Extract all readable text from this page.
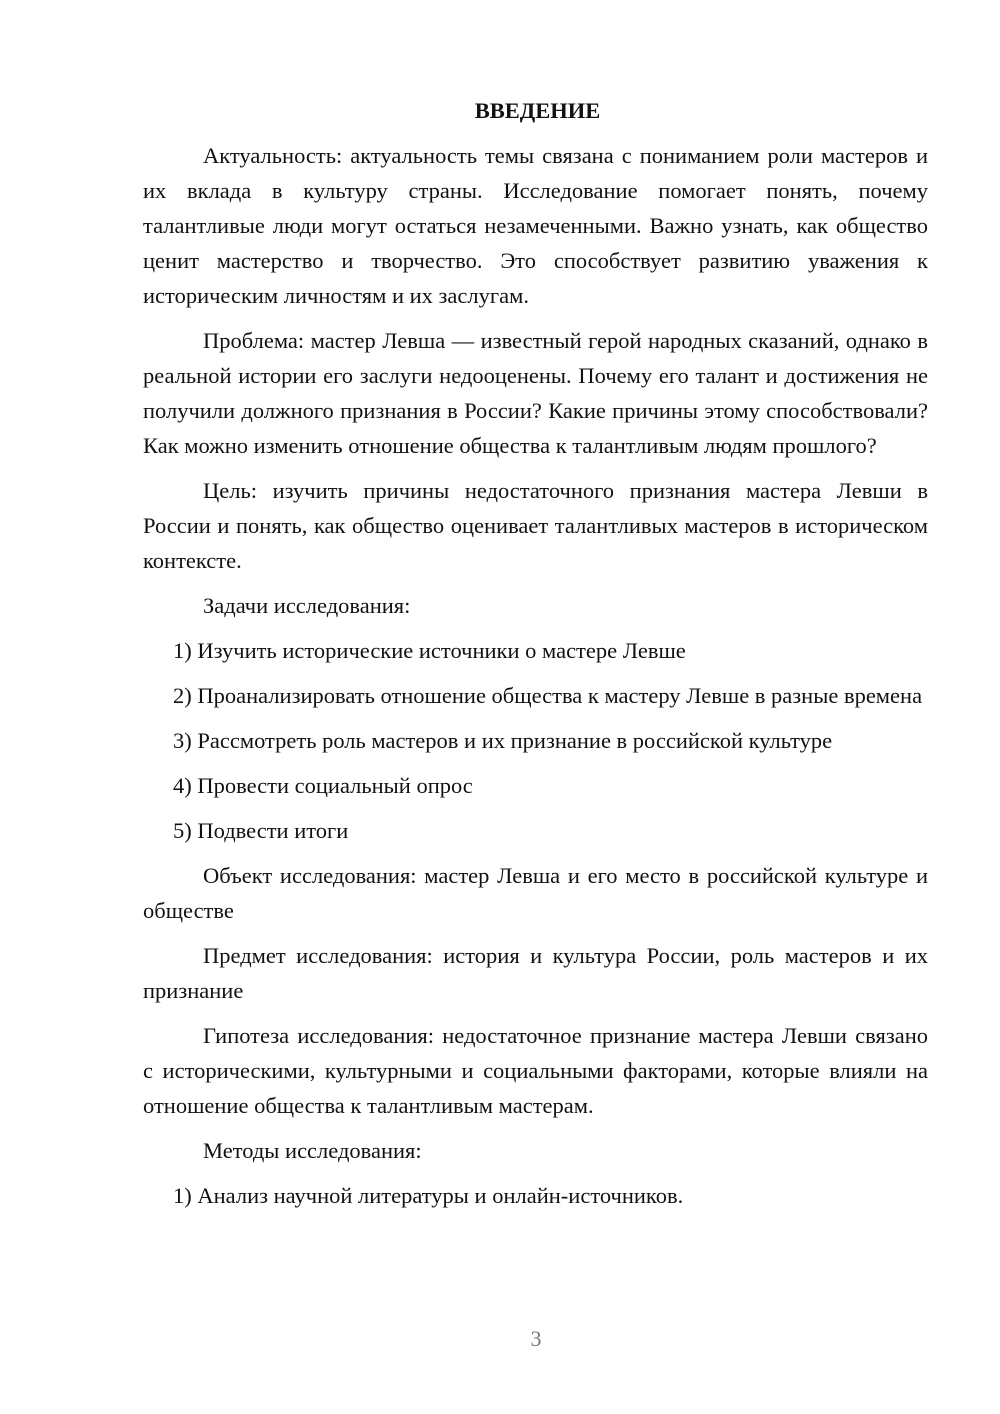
ВВЕДЕНИЕ
Актуальность: актуальность темы связана с пониманием роли мастеров и их вклада в культуру страны. Исследование помогает понять, почему талантливые люди могут остаться незамеченными. Важно узнать, как общество ценит мастерство и творчество. Это способствует развитию уважения к историческим личностям и их заслугам.
Проблема: мастер Левша — известный герой народных сказаний, однако в реальной истории его заслуги недооценены. Почему его талант и достижения не получили должного признания в России? Какие причины этому способствовали? Как можно изменить отношение общества к талантливым людям прошлого?
Цель: изучить причины недостаточного признания мастера Левши в России и понять, как общество оценивает талантливых мастеров в историческом контексте.
Задачи исследования:
1) Изучить исторические источники о мастере Левше
2) Проанализировать отношение общества к мастеру Левше в разные времена
3) Рассмотреть роль мастеров и их признание в российской культуре
4) Провести социальный опрос
5) Подвести итоги
Объект исследования: мастер Левша и его место в российской культуре и обществе
Предмет исследования: история и культура России, роль мастеров и их признание
Гипотеза исследования: недостаточное признание мастера Левши связано с историческими, культурными и социальными факторами, которые влияли на отношение общества к талантливым мастерам.
Методы исследования:
1) Анализ научной литературы и онлайн-источников.
3
